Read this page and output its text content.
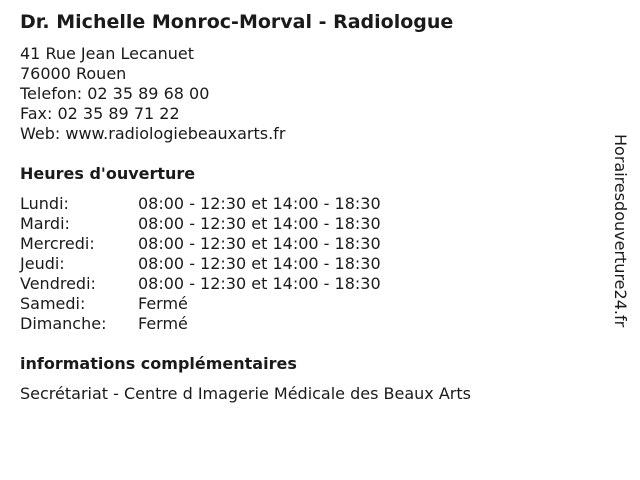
Dr. Michelle Monroc-Morval - Radiologue
41 Rue Jean Lecanuet
76000 Rouen
Telefon: 02 35 89 68 00
Fax: 02 35 89 71 22
Web: www.radiologiebeauxarts.fr
Heures d'ouverture
Lundi:	08:00 - 12:30 et 14:00 - 18:30
Mardi:	08:00 - 12:30 et 14:00 - 18:30
Mercredi:	08:00 - 12:30 et 14:00 - 18:30
Jeudi:	08:00 - 12:30 et 14:00 - 18:30
Vendredi:	08:00 - 12:30 et 14:00 - 18:30
Samedi:	Fermé
Dimanche:	Fermé
informations complémentaires
Secrétariat - Centre d Imagerie Médicale des Beaux Arts
Horairesdouverture24.fr
